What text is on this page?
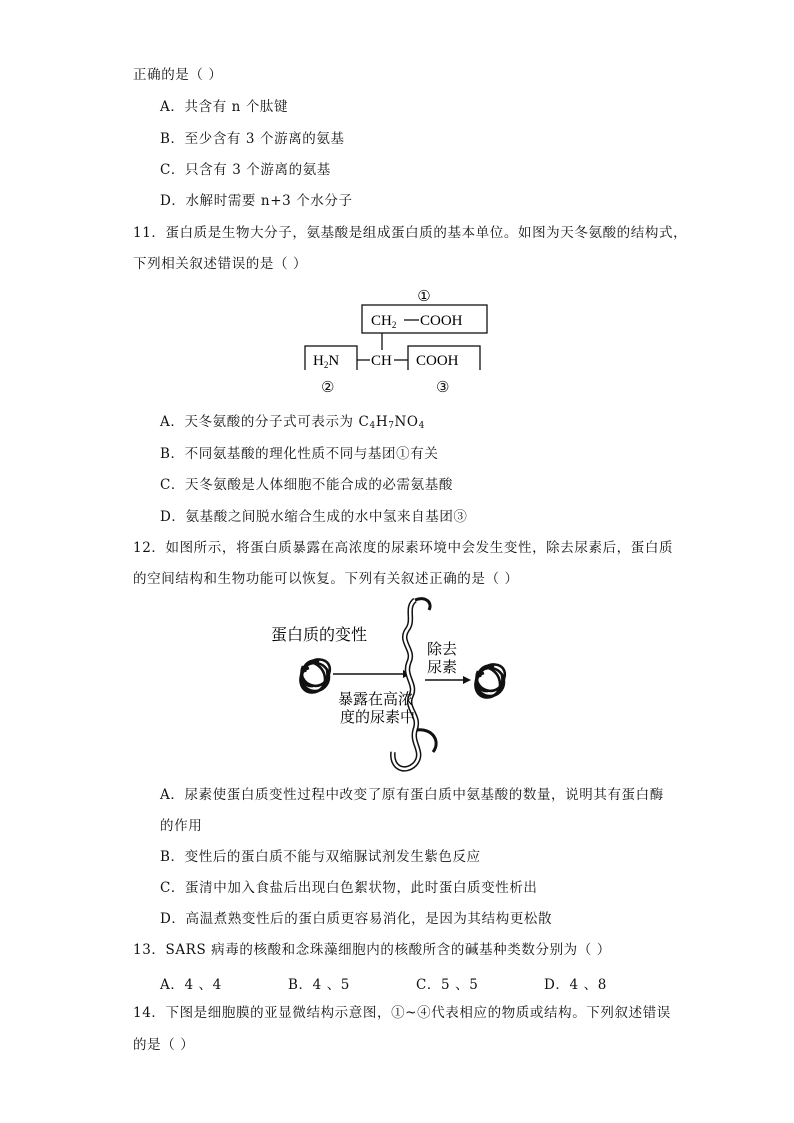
正确的是（ ）
A．共含有 n 个肽键
B．至少含有 3 个游离的氨基
C．只含有 3 个游离的氨基
D．水解时需要 n+3 个水分子
11．蛋白质是生物大分子，氨基酸是组成蛋白质的基本单位。如图为天冬氨酸的结构式，
下列相关叙述错误的是（ ）
①
$CH_2$ COOH
$H_2N$ CH COOH
②	③
A．天冬氨酸的分子式可表示为 $C_4H_7NO_4$
B．不同氨基酸的理化性质不同与基团①有关
C．天冬氨酸是人体细胞不能合成的必需氨基酸
D．氨基酸之间脱水缩合生成的水中氢来自基团③
12．如图所示，将蛋白质暴露在高浓度的尿素环境中会发生变性，除去尿素后，蛋白质
的空间结构和生物功能可以恢复。下列有关叙述正确的是（ ）
蛋白质的变性
除去
尿素
暴露在高浓
度的尿素中
A．尿素使蛋白质变性过程中改变了原有蛋白质中氨基酸的数量，说明其有蛋白酶
的作用
B．变性后的蛋白质不能与双缩脲试剂发生紫色反应
C．蛋清中加入食盐后出现白色絮状物，此时蛋白质变性析出
D．高温煮熟变性后的蛋白质更容易消化，是因为其结构更松散
13．SARS 病毒的核酸和念珠藻细胞内的核酸所含的碱基种类数分别为（ ）
A．4 、4	B．4 、5	C．5 、5	D．4 、8
14．下图是细胞膜的亚显微结构示意图，①~④代表相应的物质或结构。下列叙述错误
的是（ ）
